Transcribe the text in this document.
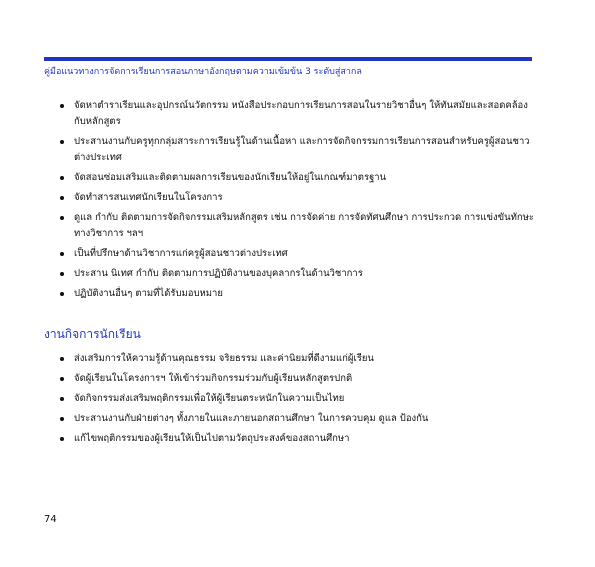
คู่มือแนวทางการจัดการเรียนการสอนภาษาอังกฤษตามความเข้มข้น 3 ระดับสู่สากล
จัดหาตำราเรียนและอุปกรณ์นวัตกรรม หนังสือประกอบการเรียนการสอนในรายวิชาอื่นๆ ให้ทันสมัยและสอดคล้องกับหลักสูตร
ประสานงานกับครูทุกกลุ่มสาระการเรียนรู้ในด้านเนื้อหา และการจัดกิจกรรมการเรียนการสอนสำหรับครูผู้สอนชาวต่างประเทศ
จัดสอนซ่อมเสริมและติดตามผลการเรียนของนักเรียนให้อยู่ในเกณฑ์มาตรฐาน
จัดทำสารสนเทศนักเรียนในโครงการ
ดูแล กำกับ ติดตามการจัดกิจกรรมเสริมหลักสูตร เช่น การจัดค่าย การจัดทัศนศึกษา การประกวด การแข่งขันทักษะทางวิชาการ ฯลฯ
เป็นที่ปรึกษาด้านวิชาการแก่ครูผู้สอนชาวต่างประเทศ
ประสาน นิเทศ กำกับ ติดตามการปฏิบัติงานของบุคลากรในด้านวิชาการ
ปฏิบัติงานอื่นๆ ตามที่ได้รับมอบหมาย
งานกิจการนักเรียน
ส่งเสริมการให้ความรู้ด้านคุณธรรม จริยธรรม และค่านิยมที่ดีงามแก่ผู้เรียน
จัดผู้เรียนในโครงการฯ ให้เข้าร่วมกิจกรรมร่วมกับผู้เรียนหลักสูตรปกติ
จัดกิจกรรมส่งเสริมพฤติกรรมเพื่อให้ผู้เรียนตระหนักในความเป็นไทย
ประสานงานกับฝ่ายต่างๆ ทั้งภายในและภายนอกสถานศึกษา ในการควบคุม ดูแล ป้องกัน
แก้ไขพฤติกรรมของผู้เรียนให้เป็นไปตามวัตถุประสงค์ของสถานศึกษา
74
